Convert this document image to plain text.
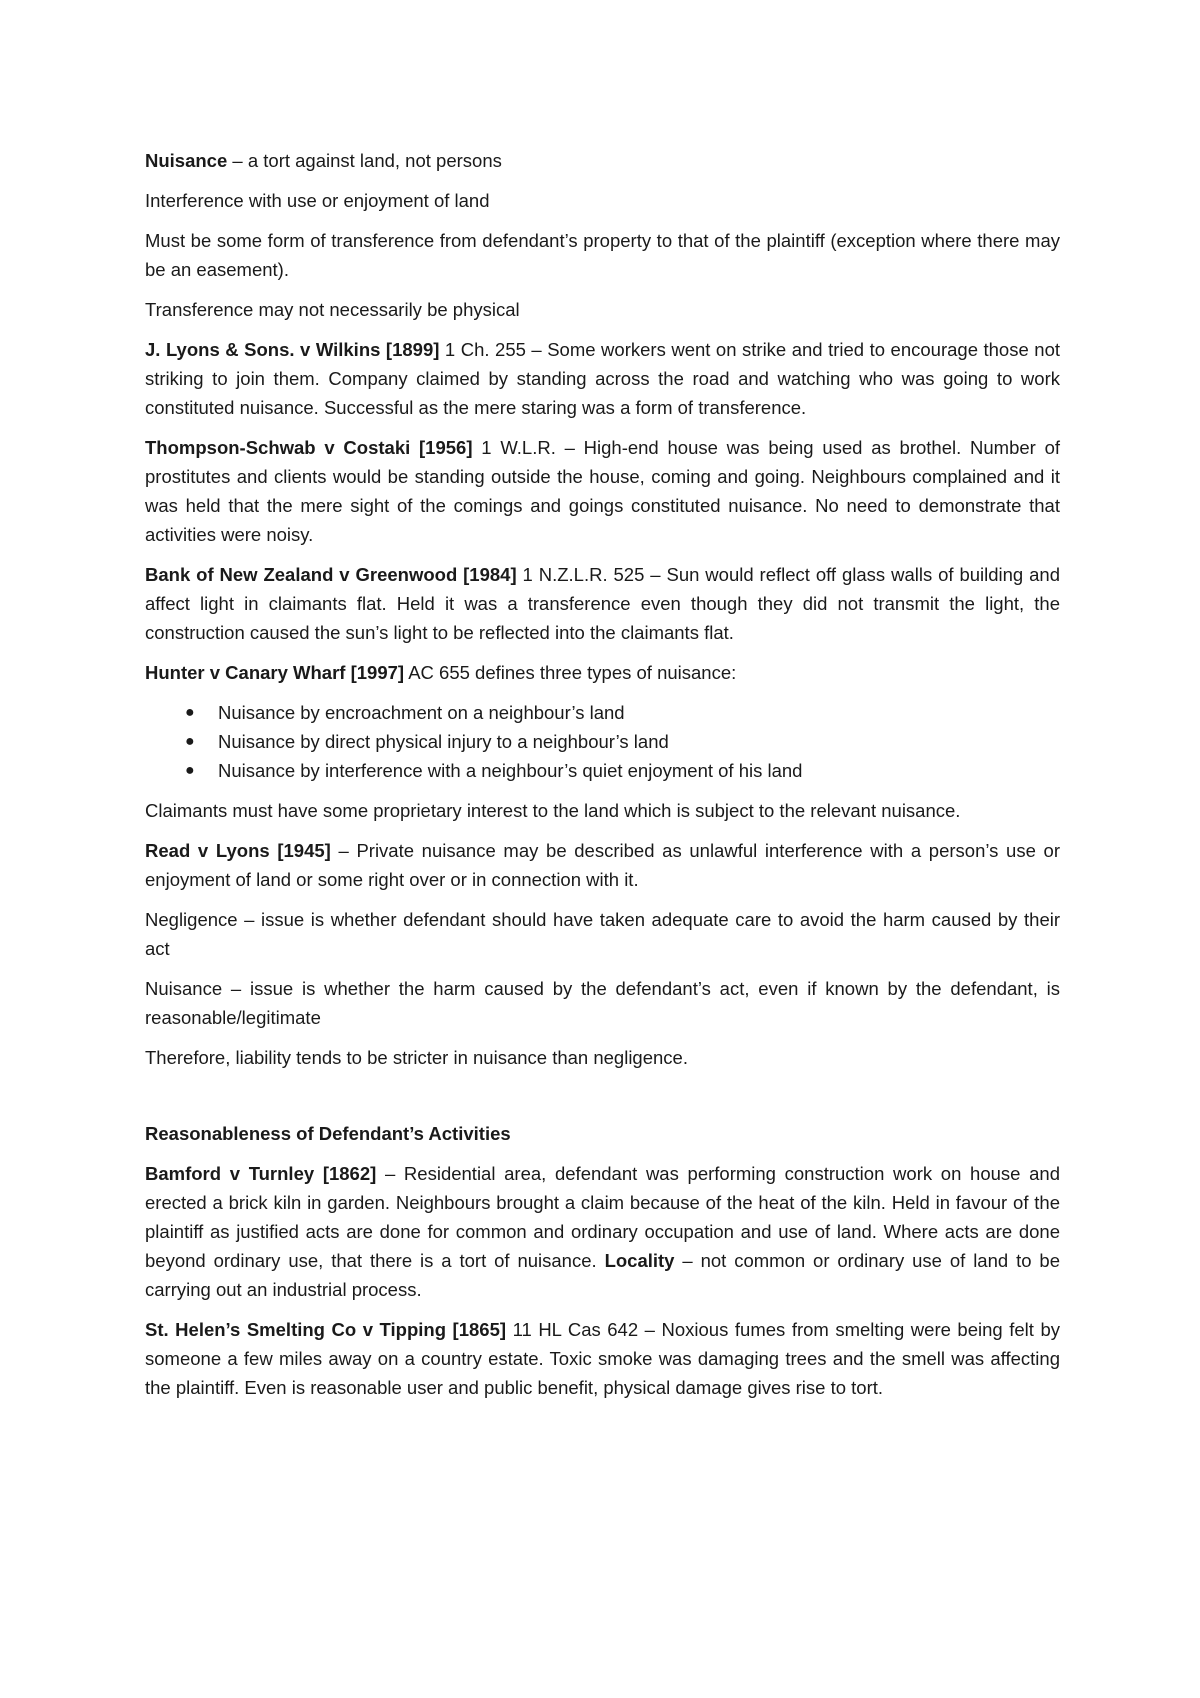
Nuisance – a tort against land, not persons

Interference with use or enjoyment of land

Must be some form of transference from defendant’s property to that of the plaintiff (exception where there may be an easement).

Transference may not necessarily be physical

J. Lyons & Sons. v Wilkins [1899] 1 Ch. 255 – Some workers went on strike and tried to encourage those not striking to join them. Company claimed by standing across the road and watching who was going to work constituted nuisance. Successful as the mere staring was a form of transference.

Thompson-Schwab v Costaki [1956] 1 W.L.R. – High-end house was being used as brothel. Number of prostitutes and clients would be standing outside the house, coming and going. Neighbours complained and it was held that the mere sight of the comings and goings constituted nuisance. No need to demonstrate that activities were noisy.

Bank of New Zealand v Greenwood [1984] 1 N.Z.L.R. 525 – Sun would reflect off glass walls of building and affect light in claimants flat. Held it was a transference even though they did not transmit the light, the construction caused the sun’s light to be reflected into the claimants flat.

Hunter v Canary Wharf [1997] AC 655 defines three types of nuisance:

● Nuisance by encroachment on a neighbour’s land
● Nuisance by direct physical injury to a neighbour’s land
● Nuisance by interference with a neighbour’s quiet enjoyment of his land

Claimants must have some proprietary interest to the land which is subject to the relevant nuisance.

Read v Lyons [1945] – Private nuisance may be described as unlawful interference with a person’s use or enjoyment of land or some right over or in connection with it.

Negligence – issue is whether defendant should have taken adequate care to avoid the harm caused by their act

Nuisance – issue is whether the harm caused by the defendant’s act, even if known by the defendant, is reasonable/legitimate

Therefore, liability tends to be stricter in nuisance than negligence.

Reasonableness of Defendant’s Activities

Bamford v Turnley [1862] – Residential area, defendant was performing construction work on house and erected a brick kiln in garden. Neighbours brought a claim because of the heat of the kiln. Held in favour of the plaintiff as justified acts are done for common and ordinary occupation and use of land. Where acts are done beyond ordinary use, that there is a tort of nuisance. Locality – not common or ordinary use of land to be carrying out an industrial process.

St. Helen’s Smelting Co v Tipping [1865] 11 HL Cas 642 – Noxious fumes from smelting were being felt by someone a few miles away on a country estate. Toxic smoke was damaging trees and the smell was affecting the plaintiff. Even is reasonable user and public benefit, physical damage gives rise to tort.
